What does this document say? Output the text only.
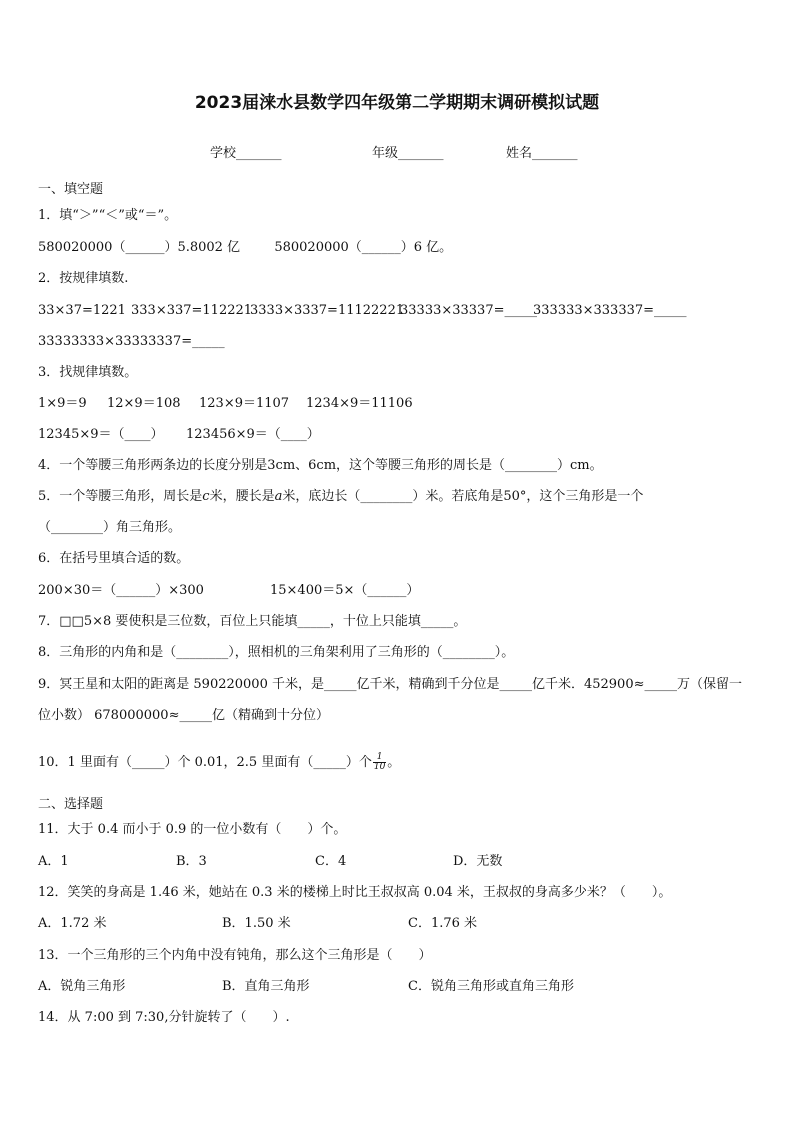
2023届涞水县数学四年级第二学期期末调研模拟试题
学校_______	年级_______	姓名_______
一、填空题
1．填“＞”“＜”或“＝”。
580020000（______）5.8002 亿	580020000（______）6 亿。
2．按规律填数.
33×37=1221 333×337=112221
3333×3337=11122221
33333×33337=_____
333333×333337=_____
33333333×33333337=_____
3．找规律填数。
1×9＝9 12×9＝108 123×9＝1107 1234×9＝11106
12345×9＝（____） 123456×9＝（____）
4．一个等腰三角形两条边的长度分别是3cm、6cm，这个等腰三角形的周长是（________）cm。
5．一个等腰三角形，周长是c米，腰长是a米，底边长（________）米。若底角是50°，这个三角形是一个
（________）角三角形。
6．在括号里填合适的数。
200×30＝（______）×300	15×400＝5×（______）
7．□□5×8 要使积是三位数，百位上只能填_____，十位上只能填_____。
8．三角形的内角和是（________），照相机的三角架利用了三角形的（________）。
9．冥王星和太阳的距离是 590220000 千米，是_____亿千米，精确到千分位是_____亿千米．452900≈_____万（保留一
位小数） 678000000≈_____亿（精确到十分位）
10．1 里面有（_____）个 0.01，2.5 里面有（_____）个 $\frac{1}{10}$ 。
二、选择题
11．大于 0.4 而小于 0.9 的一位小数有（　　）个。
A．1	B．3	C．4	D．无数
12．笑笑的身高是 1.46 米，她站在 0.3 米的楼梯上时比王叔叔高 0.04 米，王叔叔的身高多少米？（　　）。
A．1.72 米	B．1.50 米	C．1.76 米
13．一个三角形的三个内角中没有钝角，那么这个三角形是（　　）
A．锐角三角形	B．直角三角形	C．锐角三角形或直角三角形
14．从 7:00 到 7:30,分针旋转了（　　）.
